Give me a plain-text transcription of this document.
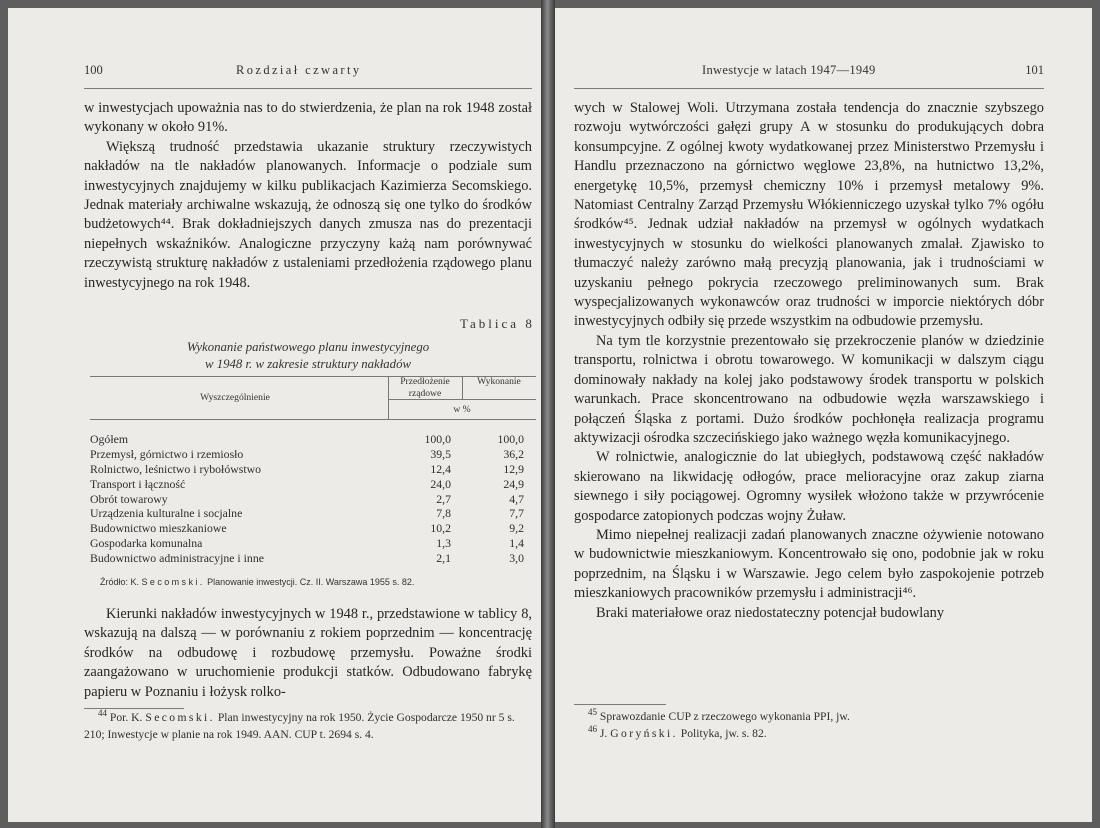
100	Rozdział czwarty

w inwestycjach upoważnia nas to do stwierdzenia, że plan na rok 1948 został wykonany w około 91%.

Większą trudność przedstawia ukazanie struktury rzeczywistych nakładów na tle nakładów planowanych. Informacje o podziale sum inwestycyjnych znajdujemy w kilku publikacjach Kazimierza Secomskiego. Jednak materiały archiwalne wskazują, że odnoszą się one tylko do środków budżetowych⁴⁴. Brak dokładniejszych danych zmusza nas do prezentacji niepełnych wskaźników. Analogiczne przyczyny każą nam porównywać rzeczywistą strukturę nakładów z ustaleniami przedłożenia rządowego planu inwestycyjnego na rok 1948.

Tablica 8
Wykonanie państwowego planu inwestycyjnego
w 1948 r. w zakresie struktury nakładów
Wyszczególnienie
Przedłożenie rządowe
Wykonanie
w %
Ogółem	100,0	100,0
Przemysł, górnictwo i rzemiosło	39,5	36,2
Rolnictwo, leśnictwo i rybołówstwo	12,4	12,9
Transport i łączność	24,0	24,9
Obrót towarowy	2,7	4,7
Urządzenia kulturalne i socjalne	7,8	7,7
Budownictwo mieszkaniowe	10,2	9,2
Gospodarka komunalna	1,3	1,4
Budownictwo administracyjne i inne	2,1	3,0
Źródło: K. Secomski. Planowanie inwestycji. Cz. II. Warszawa 1955 s. 82.

Kierunki nakładów inwestycyjnych w 1948 r., przedstawione w tablicy 8, wskazują na dalszą — w porównaniu z rokiem poprzednim — koncentrację środków na odbudowę i rozbudowę przemysłu. Poważne środki zaangażowano w uruchomienie produkcji statków. Odbudowano fabrykę papieru w Poznaniu i łożysk rolko-

$^{44}$ Por. K. Secomski. Plan inwestycyjny na rok 1950. Życie Gospodarcze 1950 nr 5 s. 210; Inwestycje w planie na rok 1949. AAN. CUP t. 2694 s. 4.

Inwestycje w latach 1947—1949	101

wych w Stalowej Woli. Utrzymana została tendencja do znacznie szybszego rozwoju wytwórczości gałęzi grupy A w stosunku do produkujących dobra konsumpcyjne. Z ogólnej kwoty wydatkowanej przez Ministerstwo Przemysłu i Handlu przeznaczono na górnictwo węglowe 23,8%, na hutnictwo 13,2%, energetykę 10,5%, przemysł chemiczny 10% i przemysł metalowy 9%. Natomiast Centralny Zarząd Przemysłu Włókienniczego uzyskał tylko 7% ogółu środków⁴⁵. Jednak udział nakładów na przemysł w ogólnych wydatkach inwestycyjnych w stosunku do wielkości planowanych zmalał. Zjawisko to tłumaczyć należy zarówno małą precyzją planowania, jak i trudnościami w uzyskaniu pełnego pokrycia rzeczowego preliminowanych sum. Brak wyspecjalizowanych wykonawców oraz trudności w imporcie niektórych dóbr inwestycyjnych odbiły się przede wszystkim na odbudowie przemysłu.

Na tym tle korzystnie prezentowało się przekroczenie planów w dziedzinie transportu, rolnictwa i obrotu towarowego. W komunikacji w dalszym ciągu dominowały nakłady na kolej jako podstawowy środek transportu w polskich warunkach. Prace skoncentrowano na odbudowie węzła warszawskiego i połączeń Śląska z portami. Dużo środków pochłonęła realizacja programu aktywizacji ośrodka szczecińskiego jako ważnego węzła komunikacyjnego.

W rolnictwie, analogicznie do lat ubiegłych, podstawową część nakładów skierowano na likwidację odłogów, prace melioracyjne oraz zakup ziarna siewnego i siły pociągowej. Ogromny wysiłek włożono także w przywrócenie gospodarce zatopionych podczas wojny Żuław.

Mimo niepełnej realizacji zadań planowanych znaczne ożywienie notowano w budownictwie mieszkaniowym. Koncentrowało się ono, podobnie jak w roku poprzednim, na Śląsku i w Warszawie. Jego celem było zaspokojenie potrzeb mieszkaniowych pracowników przemysłu i administracji⁴⁶.

Braki materiałowe oraz niedostateczny potencjał budowlany

$^{45}$ Sprawozdanie CUP z rzeczowego wykonania PPI, jw.

$^{46}$ J. Goryński. Polityka, jw. s. 82.
